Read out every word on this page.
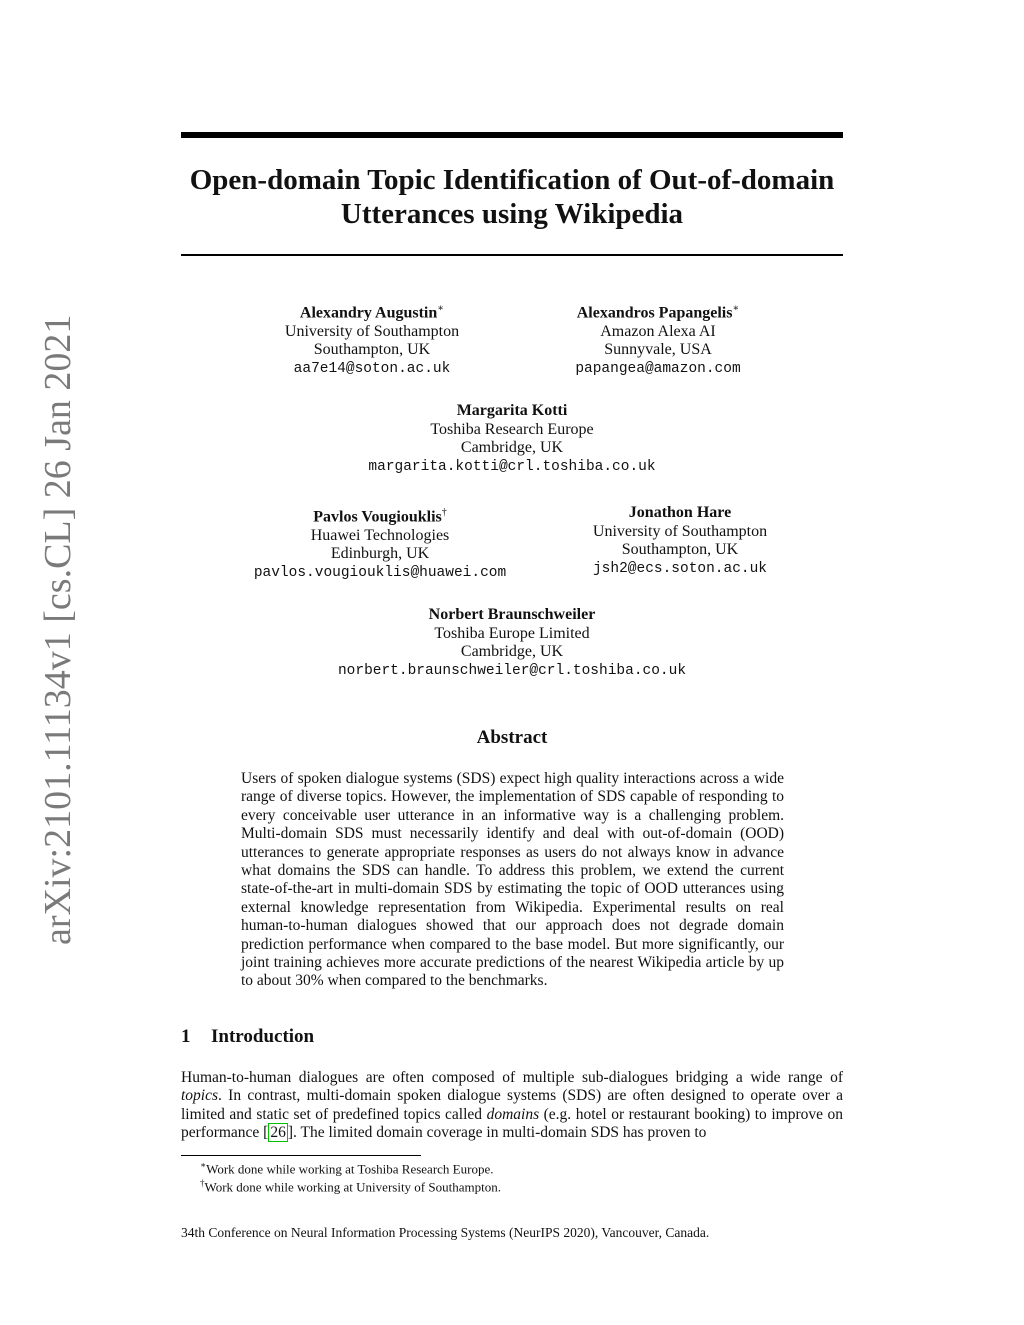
arXiv:2101.11134v1 [cs.CL] 26 Jan 2021
Open-domain Topic Identification of Out-of-domain Utterances using Wikipedia
Alexandry Augustin∗
University of Southampton
Southampton, UK
aa7e14@soton.ac.uk
Alexandros Papangelis∗
Amazon Alexa AI
Sunnyvale, USA
papangea@amazon.com
Margarita Kotti
Toshiba Research Europe
Cambridge, UK
margarita.kotti@crl.toshiba.co.uk
Pavlos Vougiouklis†
Huawei Technologies
Edinburgh, UK
pavlos.vougiouklis@huawei.com
Jonathon Hare
University of Southampton
Southampton, UK
jsh2@ecs.soton.ac.uk
Norbert Braunschweiler
Toshiba Europe Limited
Cambridge, UK
norbert.braunschweiler@crl.toshiba.co.uk
Abstract

Users of spoken dialogue systems (SDS) expect high quality interactions across a wide range of diverse topics. However, the implementation of SDS capable of responding to every conceivable user utterance in an informative way is a challenging problem. Multi-domain SDS must necessarily identify and deal with out-of-domain (OOD) utterances to generate appropriate responses as users do not always know in advance what domains the SDS can handle. To address this problem, we extend the current state-of-the-art in multi-domain SDS by estimating the topic of OOD utterances using external knowledge representation from Wikipedia. Experimental results on real human-to-human dialogues showed that our approach does not degrade domain prediction performance when compared to the base model. But more significantly, our joint training achieves more accurate predictions of the nearest Wikipedia article by up to about 30% when compared to the benchmarks.

1 Introduction

Human-to-human dialogues are often composed of multiple sub-dialogues bridging a wide range of topics. In contrast, multi-domain spoken dialogue systems (SDS) are often designed to operate over a limited and static set of predefined topics called domains (e.g. hotel or restaurant booking) to improve on performance [ 26 ]. The limited domain coverage in multi-domain SDS has proven to

∗Work done while working at Toshiba Research Europe.

†Work done while working at University of Southampton.

34th Conference on Neural Information Processing Systems (NeurIPS 2020), Vancouver, Canada.
